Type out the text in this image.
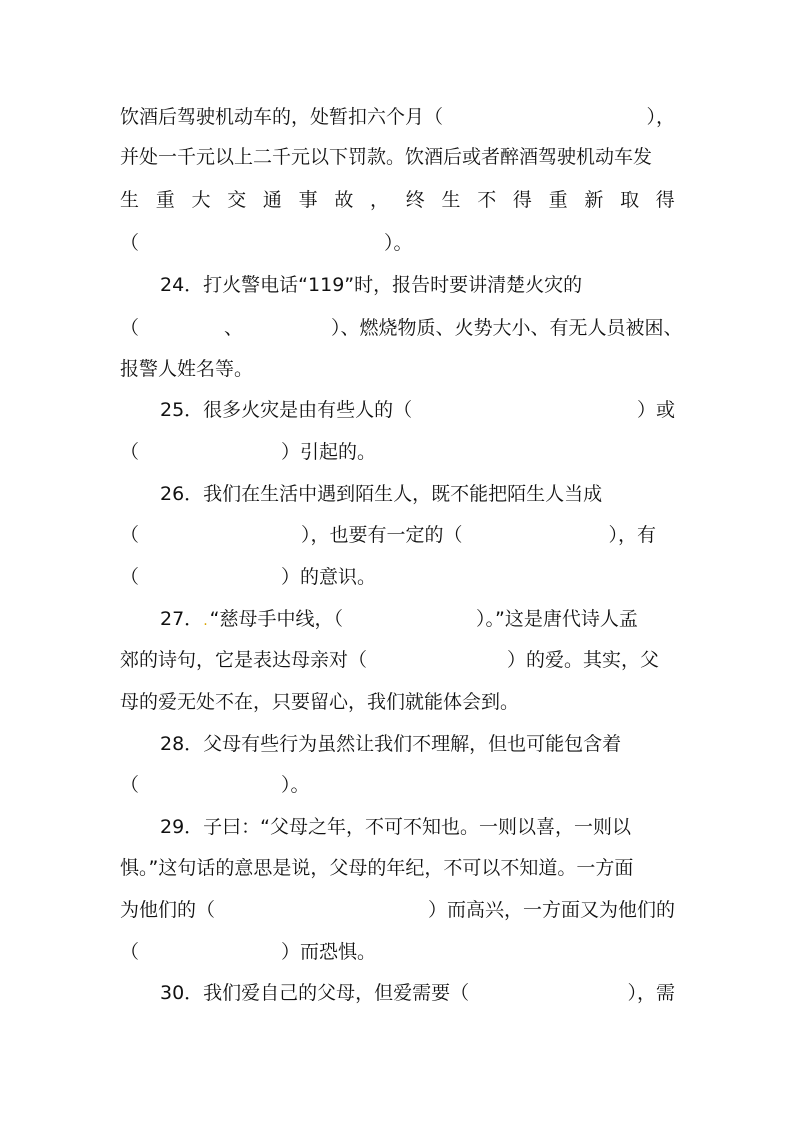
饮酒后驾驶机动车的，处暂扣六个月（	），
并处一千元以上二千元以下罚款。饮酒后或者醉酒驾驶机动车发
生 重 大 交 通 事 故 ， 终 生 不 得 重 新 取 得
（	）。
24．打火警电话“119”时，报告时要讲清楚火灾的
（	、	）、燃烧物质、火势大小、有无人员被困、
报警人姓名等。
25．很多火灾是由有些人的（	）或
（	）引起的。
26．我们在生活中遇到陌生人，既不能把陌生人当成
（	），也要有一定的（	），有
（	）的意识。
27．. “慈母手中线，（	）。”这是唐代诗人孟
郊的诗句，它是表达母亲对（	）的爱。其实，父
母的爱无处不在，只要留心，我们就能体会到。
28．父母有些行为虽然让我们不理解，但也可能包含着
（	）。
29．子曰：“父母之年，不可不知也。一则以喜，一则以
惧。”这句话的意思是说，父母的年纪，不可以不知道。一方面
为他们的（	）而高兴，一方面又为他们的
（	）而恐惧。
30．我们爱自己的父母，但爱需要（	），需
